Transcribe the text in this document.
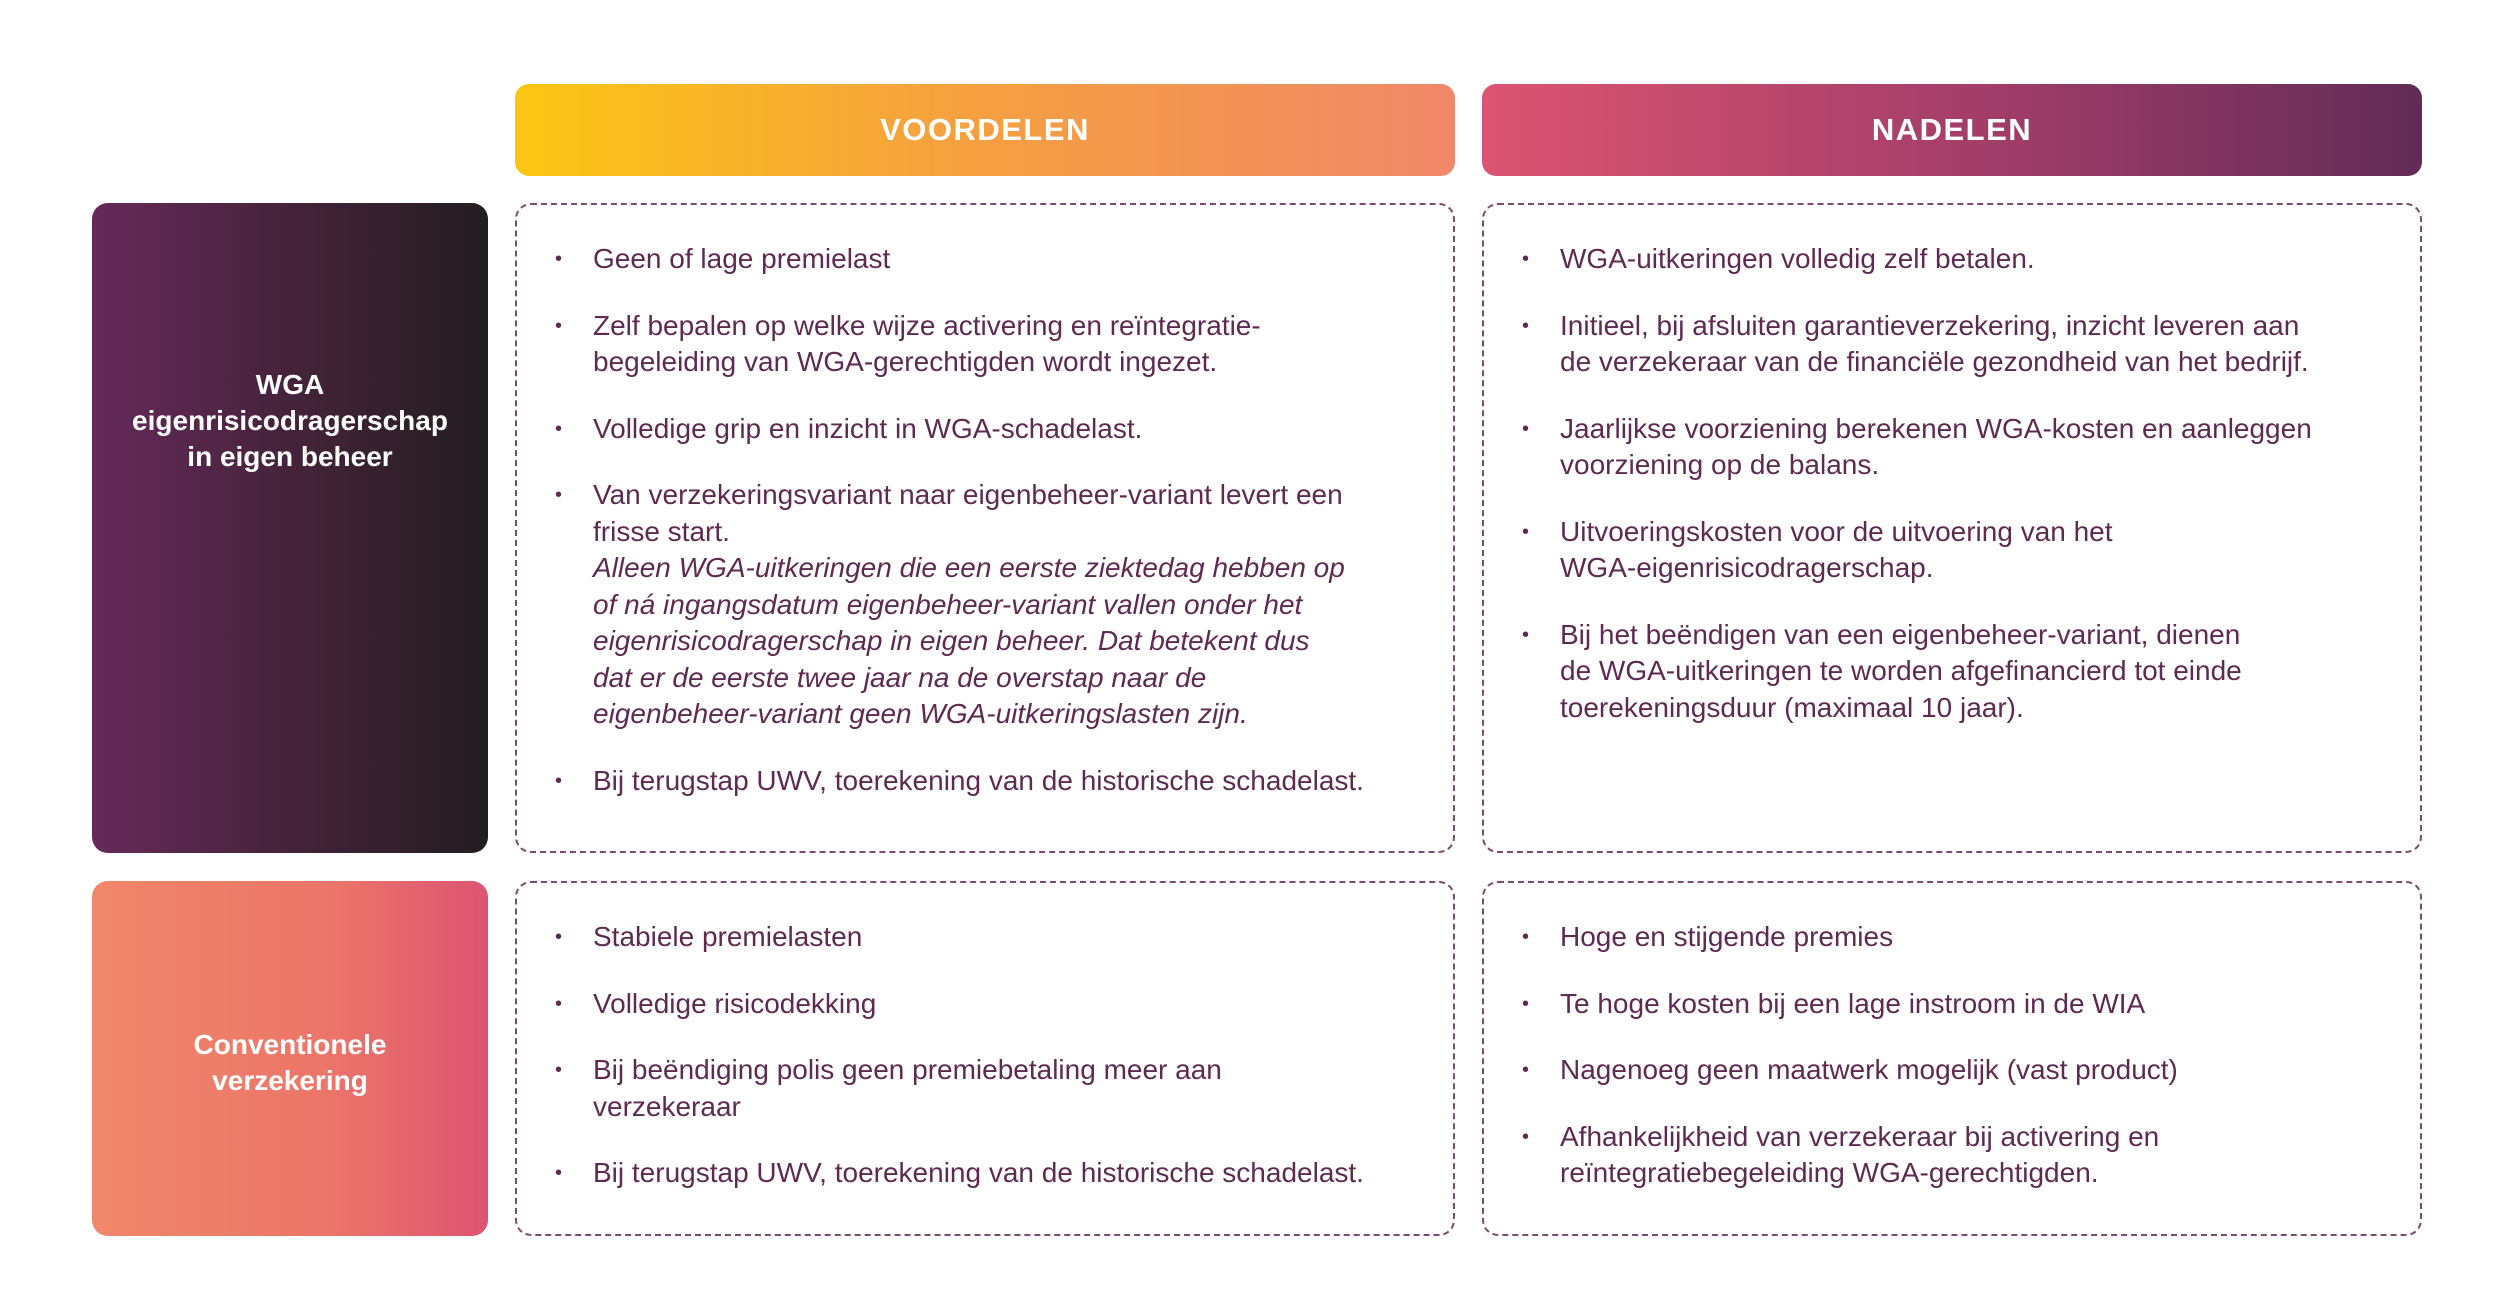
VOORDELEN	NADELEN
WGA
eigenrisicodragerschap
in eigen beheer
Conventionele
verzekering
• Geen of lage premielast
• Zelf bepalen op welke wijze activering en reïntegratie-
begeleiding van WGA-gerechtigden wordt ingezet.
• Volledige grip en inzicht in WGA-schadelast.
• Van verzekeringsvariant naar eigenbeheer-variant levert een
frisse start.
Alleen WGA-uitkeringen die een eerste ziektedag hebben op
of ná ingangsdatum eigenbeheer-variant vallen onder het
eigenrisicodragerschap in eigen beheer. Dat betekent dus
dat er de eerste twee jaar na de overstap naar de
eigenbeheer-variant geen WGA-uitkeringslasten zijn.
• Bij terugstap UWV, toerekening van de historische schadelast.
• WGA-uitkeringen volledig zelf betalen.
• Initieel, bij afsluiten garantieverzekering, inzicht leveren aan
de verzekeraar van de financiële gezondheid van het bedrijf.
• Jaarlijkse voorziening berekenen WGA-kosten en aanleggen
voorziening op de balans.
• Uitvoeringskosten voor de uitvoering van het
WGA-eigenrisicodragerschap.
• Bij het beëndigen van een eigenbeheer-variant, dienen
de WGA-uitkeringen te worden afgefinancierd tot einde
toerekeningsduur (maximaal 10 jaar).
• Stabiele premielasten
• Volledige risicodekking
• Bij beëndiging polis geen premiebetaling meer aan
verzekeraar
• Bij terugstap UWV, toerekening van de historische schadelast.
• Hoge en stijgende premies
• Te hoge kosten bij een lage instroom in de WIA
• Nagenoeg geen maatwerk mogelijk (vast product)
• Afhankelijkheid van verzekeraar bij activering en
reïntegratiebegeleiding WGA-gerechtigden.
